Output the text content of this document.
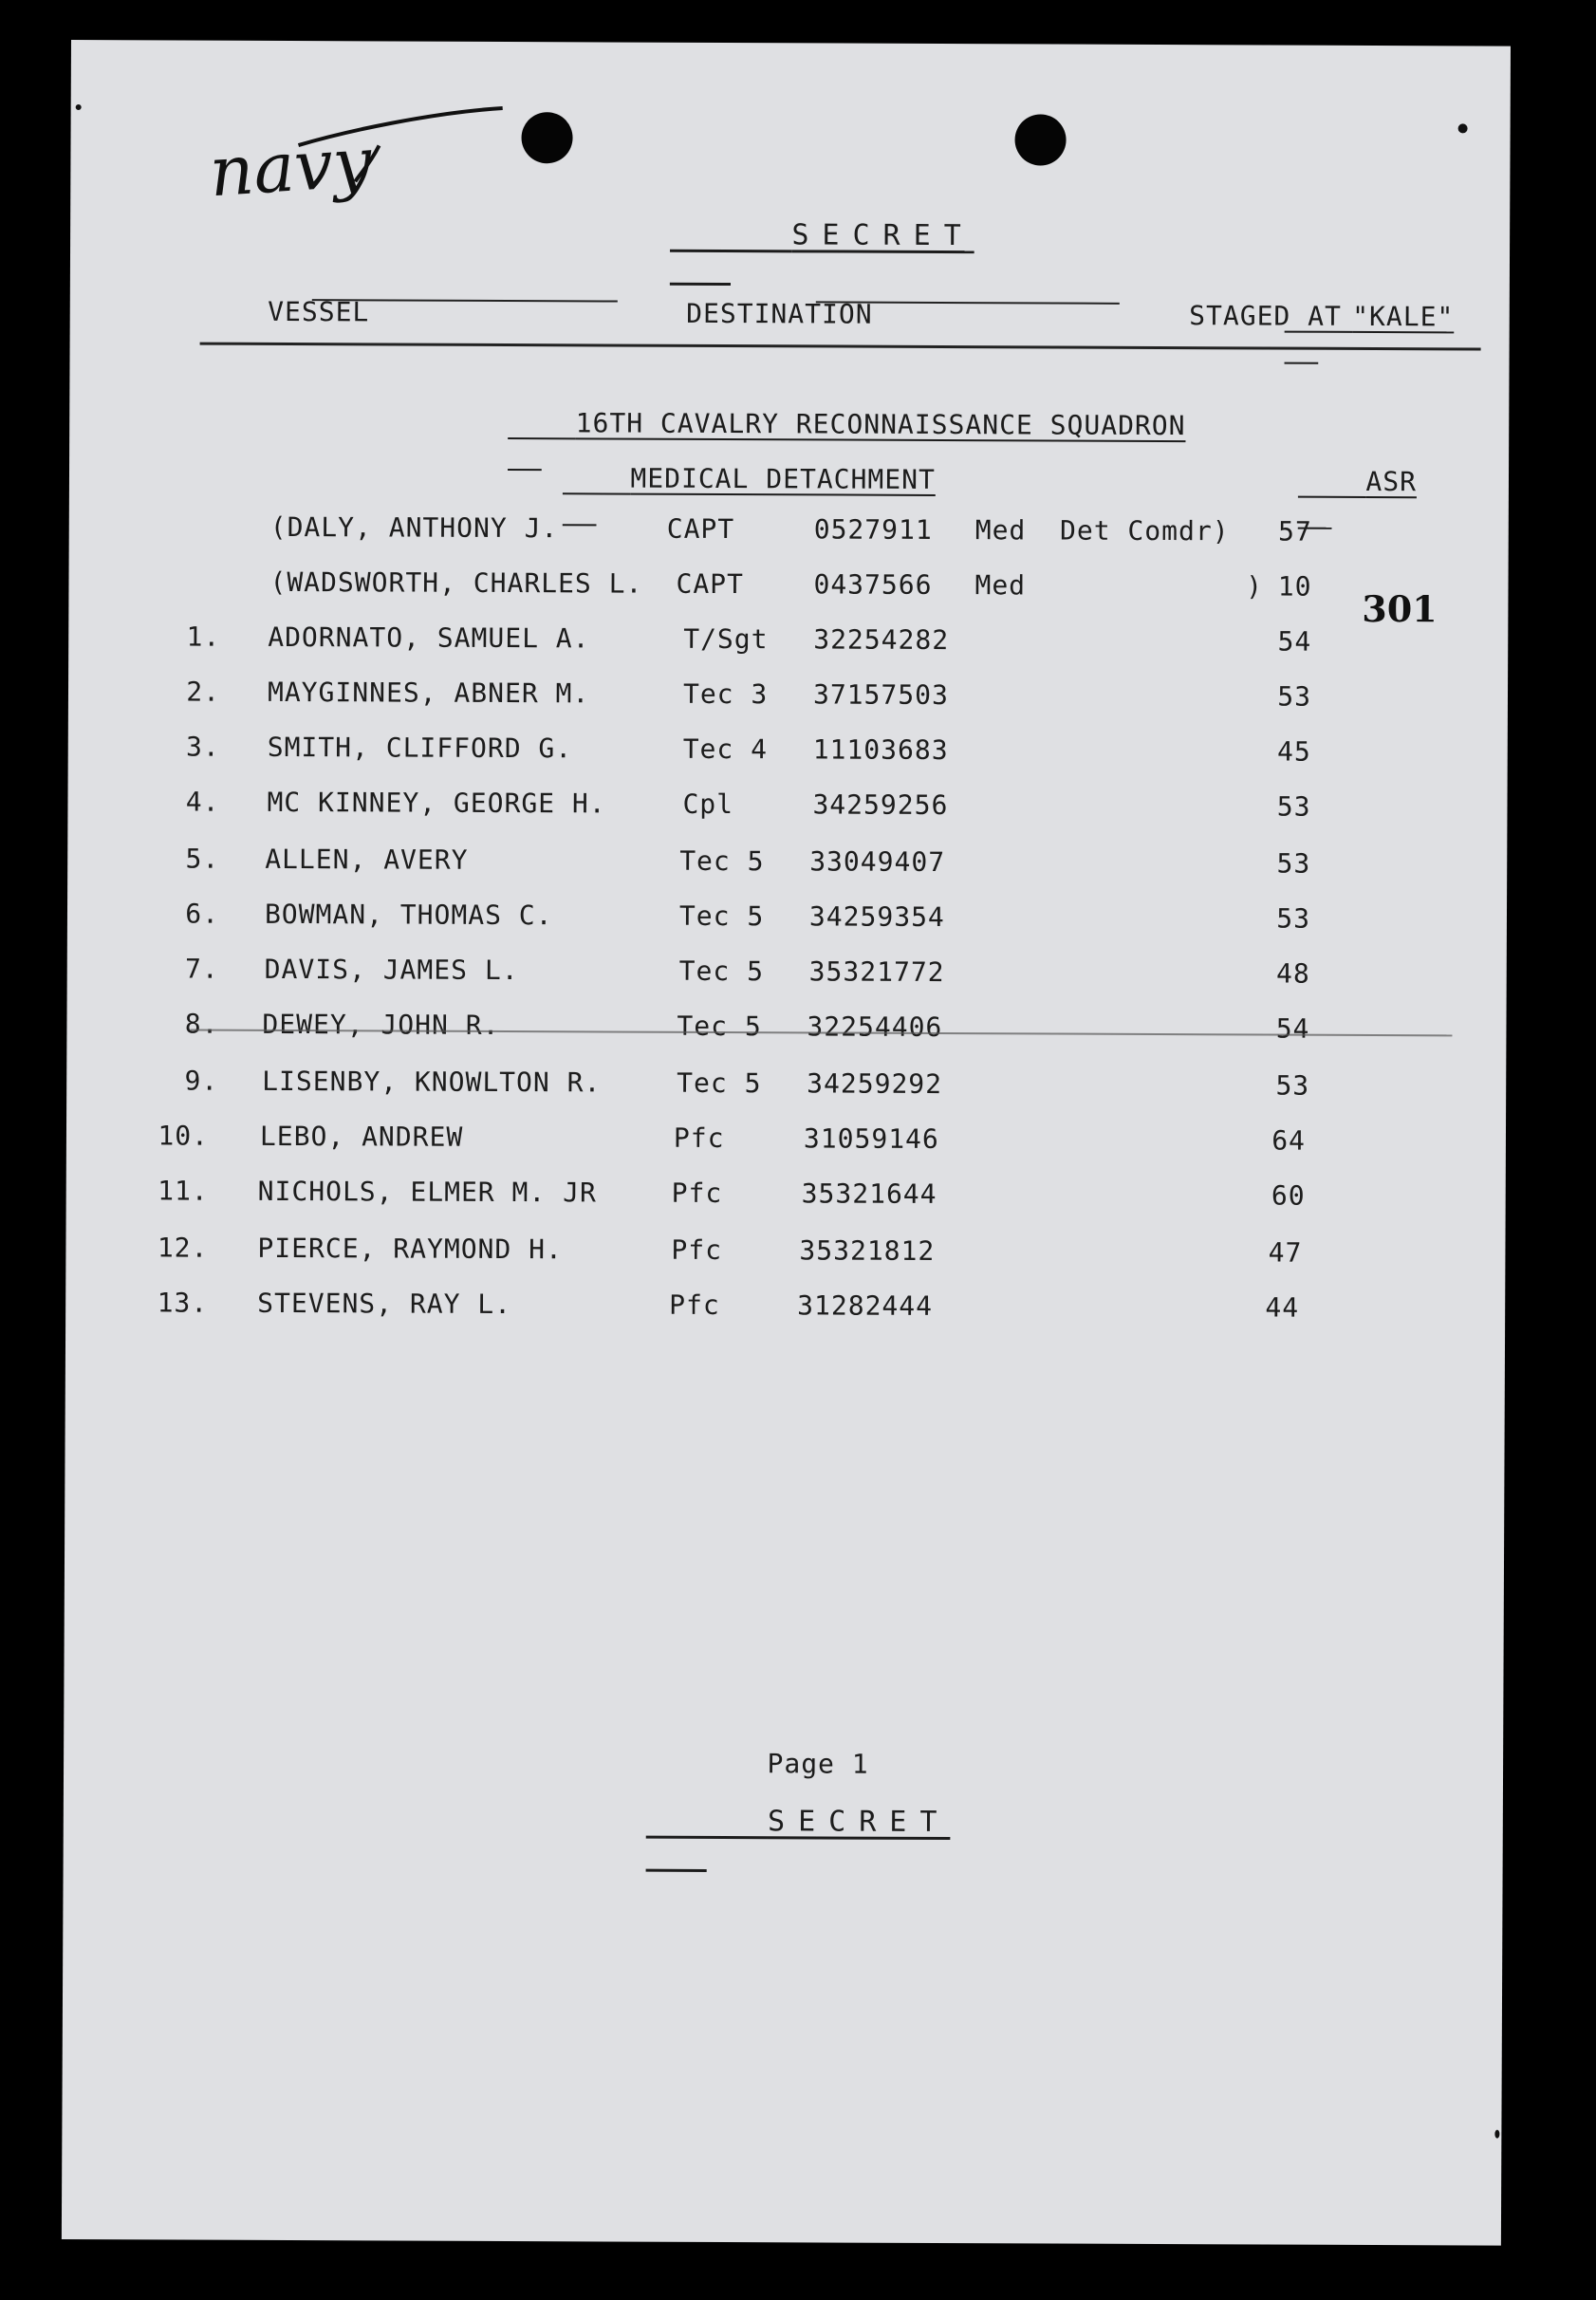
navy

SECRET

VESSEL
	DESTINATION
	STAGED AT
"KALE"

16TH CAVALRY RECONNAISSANCE SQUADRON

MEDICAL DETACHMENT
	ASR

(DALY, ANTHONY J.	CAPT	0527911 Med  Det Comdr)	57
(WADSWORTH, CHARLES L. CAPT	0437566 Med             ) 10

301

1. ADORNATO, SAMUEL A.	T/Sgt 32254282	54
2. MAYGINNES, ABNER M.	Tec 3 37157503	53
3. SMITH, CLIFFORD G.	Tec 4 11103683	45
4. MC KINNEY, GEORGE H.	Cpl	34259256	53
5. ALLEN, AVERY	Tec 5 33049407	53
6. BOWMAN, THOMAS C.	Tec 5 34259354	53
7. DAVIS, JAMES L.	Tec 5 35321772	48
8. DEWEY, JOHN R.	Tec 5 32254406	54
9. LISENBY, KNOWLTON R.	Tec 5 34259292	53
10. LEBO, ANDREW	Pfc	31059146	64
11. NICHOLS, ELMER M. JR	Pfc	35321644	60
12. PIERCE, RAYMOND H.	Pfc	35321812	47
13. STEVENS, RAY L.	Pfc	31282444	44

Page 1

SECRET
